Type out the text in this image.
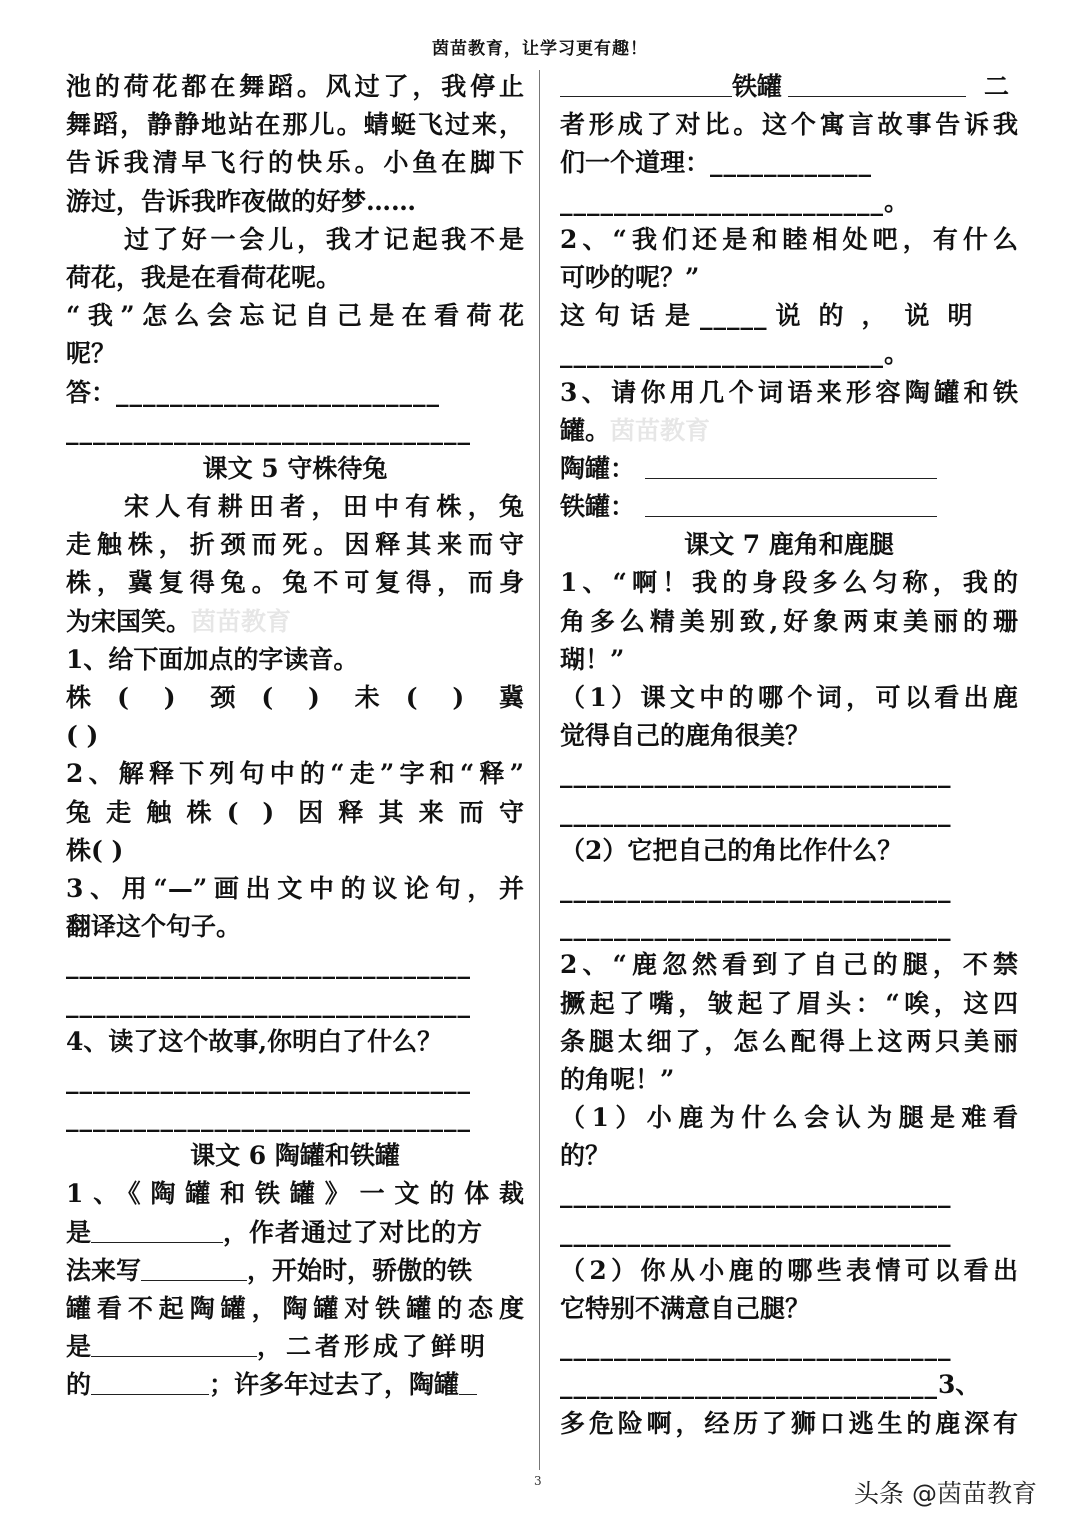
茵苗教育，让学习更有趣！
池的荷花都在舞蹈。风过了，我停止
舞蹈，静静地站在那儿。蜻蜓飞过来，
告诉我清早飞行的快乐。小鱼在脚下
游过，告诉我昨夜做的好梦……
过了好一会儿，我才记起我不是
荷花，我是在看荷花呢。
“我”怎么会忘记自己是在看荷花
呢？
答：________________________
______________________________
课文 5 守株待兔
宋人有耕田者，田中有株，兔
走触株，折颈而死。因释其来而守
株，冀复得兔。兔不可复得，而身
为宋国笑。茵苗教育
1、给下面加点的字读音。
株( ) 颈( ) 未( ) 冀
( )
2、解释下列句中的“走”字和“释”
兔走触株( ) 因释其来而守
株( )
3、用“—”画出文中的议论句，并
翻译这个句子。
______________________________
______________________________
4、读了这个故事,你明白了什么？
______________________________
______________________________
课文 6 陶罐和铁罐
1、《陶罐和铁罐》一文的体裁
是	，作者通过了对比的方
法来写	，开始时，骄傲的铁
罐看不起陶罐，陶罐对铁罐的态度
是	，二者形成了鲜明
的	；许多年过去了，陶罐
铁罐	二
者形成了对比。这个寓言故事告诉我
们一个道理：____________
________________________。
2、“我们还是和睦相处吧，有什么
可吵的呢？”
这句话是_____ 说的，说明
________________________。
3、请你用几个词语来形容陶罐和铁
罐。茵苗教育
陶罐：
铁罐：
课文 7 鹿角和鹿腿
1、“啊！我的身段多么匀称，我的
角多么精美别致,好象两束美丽的珊
瑚！”
（1）课文中的哪个词，可以看出鹿
觉得自己的鹿角很美？
_____________________________
_____________________________
（2）它把自己的角比作什么？
_____________________________
_____________________________
2、“鹿忽然看到了自己的腿，不禁
撅起了嘴，皱起了眉头：“唉，这四
条腿太细了，怎么配得上这两只美丽
的角呢！”
（1）小鹿为什么会认为腿是难看
的？
_____________________________
_____________________________
（2）你从小鹿的哪些表情可以看出
它特别不满意自己腿？
_____________________________
____________________________3、
多危险啊，经历了狮口逃生的鹿深有
3	头条 @茵苗教育
